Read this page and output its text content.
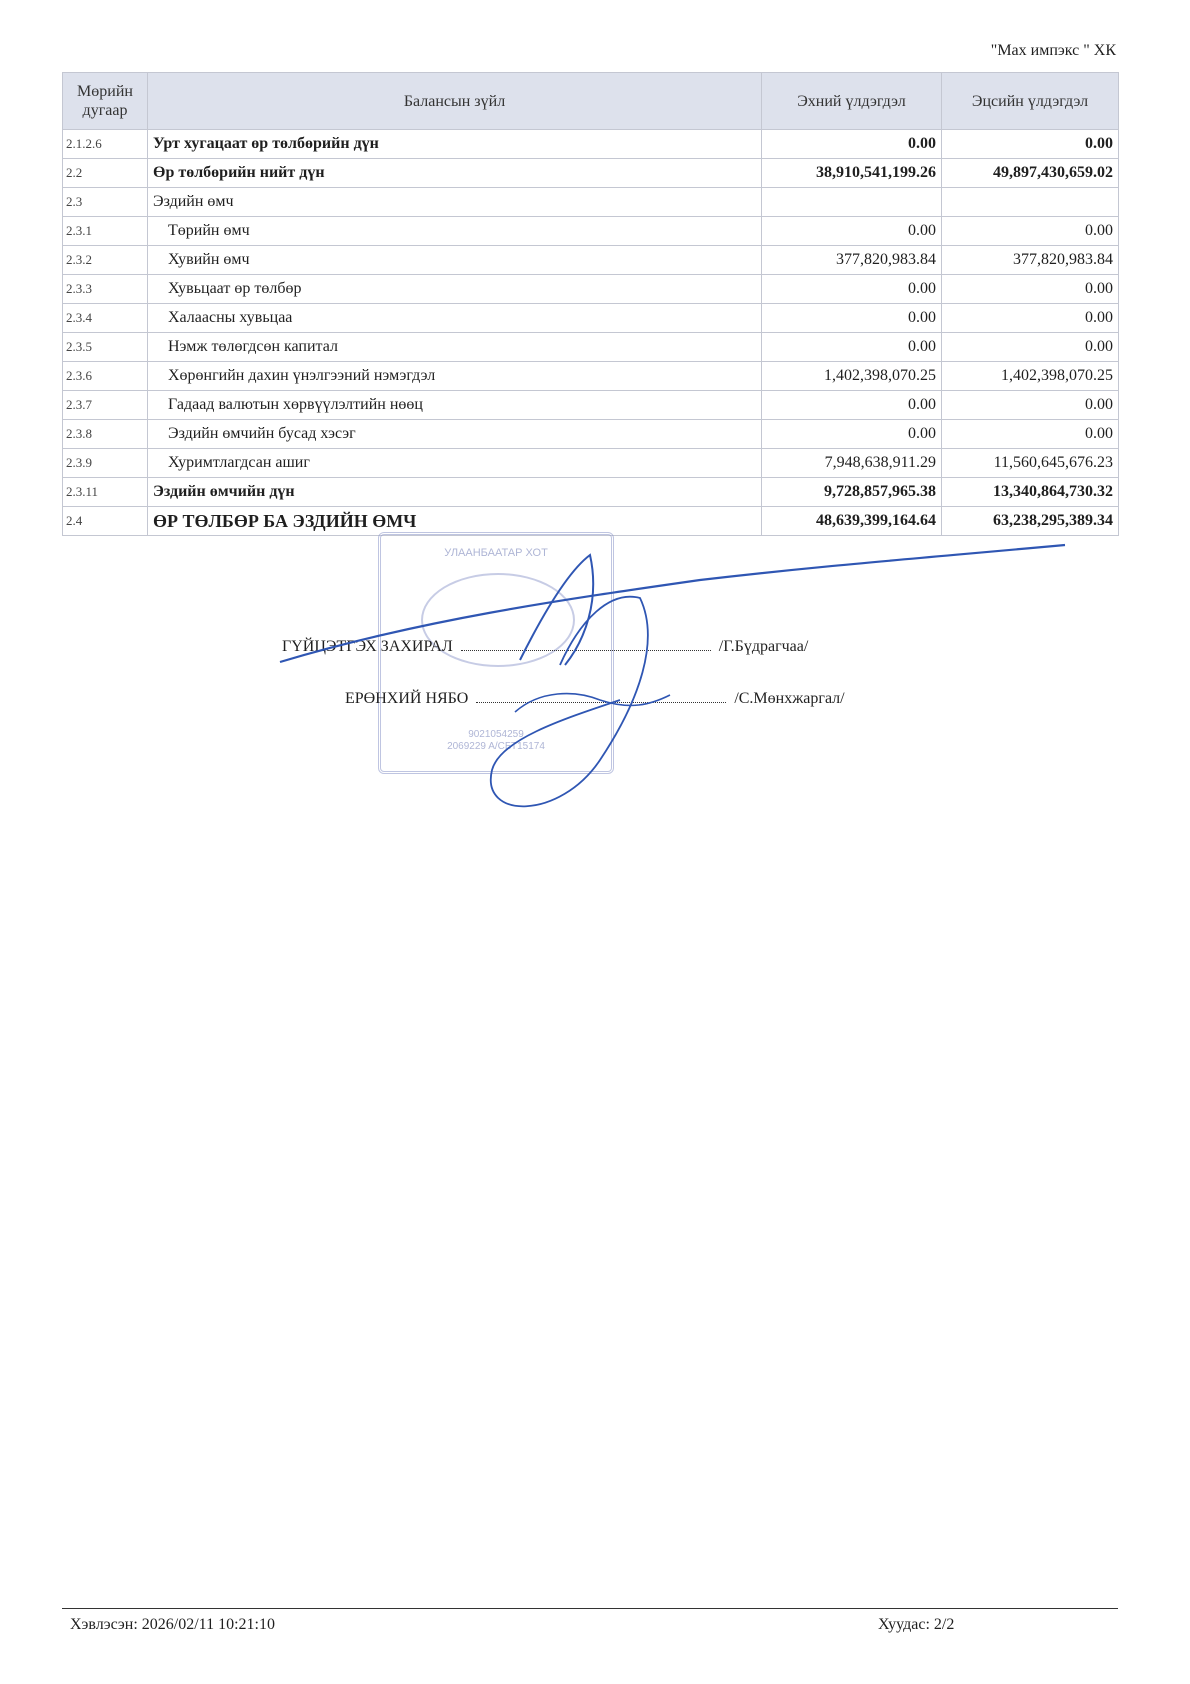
"Мах импэкс " ХК
Мөрийн дугаар	Балансын зүйл	Эхний үлдэгдэл	Эцсийн үлдэгдэл
2.1.2.6	Урт хугацаат өр төлбөрийн дүн	0.00	0.00
2.2	Өр төлбөрийн нийт дүн	38,910,541,199.26	49,897,430,659.02
2.3	Эздийн өмч		
2.3.1	Төрийн өмч	0.00	0.00
2.3.2	Хувийн өмч	377,820,983.84	377,820,983.84
2.3.3	Хувьцаат өр төлбөр	0.00	0.00
2.3.4	Халаасны хувьцаа	0.00	0.00
2.3.5	Нэмж төлөгдсөн капитал	0.00	0.00
2.3.6	Хөрөнгийн дахин үнэлгээний нэмэгдэл	1,402,398,070.25	1,402,398,070.25
2.3.7	Гадаад валютын хөрвүүлэлтийн нөөц	0.00	0.00
2.3.8	Эздийн өмчийн бусад хэсэг	0.00	0.00
2.3.9	Хуримтлагдсан ашиг	7,948,638,911.29	11,560,645,676.23
2.3.11	Эздийн өмчийн дүн	9,728,857,965.38	13,340,864,730.32
2.4	ӨР ТӨЛБӨР БА ЭЗДИЙН ӨМЧ	48,639,399,164.64	63,238,295,389.34
УЛААНБААТАР ХОТ
9021054259
2069229 A/CБТ15174
ГҮЙЦЭТГЭХ ЗАХИРАЛ	/Г.Бүдрагчаа/
ЕРӨНХИЙ НЯБО	/С.Мөнхжаргал/
Хэвлэсэн: 2026/02/11 10:21:10	Хуудас: 2/2
